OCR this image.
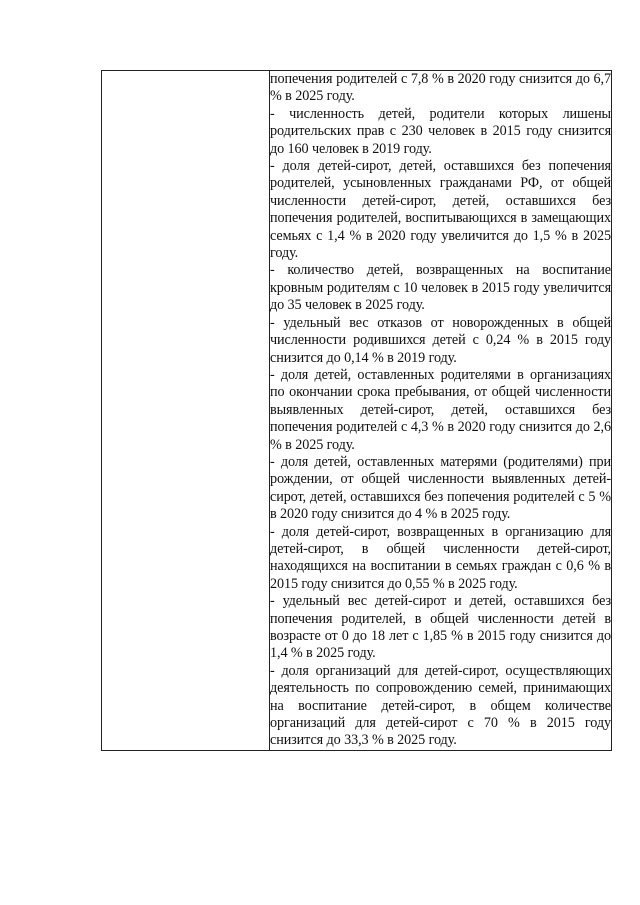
попечения родителей с 7,8 % в 2020 году снизится до 6,7 % в 2025 году.

- численность детей, родители которых лишены родительских прав с 230 человек в 2015 году снизится до 160 человек в 2019 году.

- доля детей-сирот, детей, оставшихся без попечения родителей, усыновленных гражданами РФ, от общей численности детей-сирот, детей, оставшихся без попечения родителей, воспитывающихся в замещающих семьях с 1,4 % в 2020 году увеличится до 1,5 % в 2025 году.

- количество детей, возвращенных на воспитание кровным родителям с 10 человек в 2015 году увеличится до 35 человек в 2025 году.

- удельный вес отказов от новорожденных в общей численности родившихся детей с 0,24 % в 2015 году снизится до 0,14 % в 2019 году.

- доля детей, оставленных родителями в организациях по окончании срока пребывания, от общей численности выявленных детей-сирот, детей, оставшихся без попечения родителей с 4,3 % в 2020 году снизится до 2,6 % в 2025 году.

- доля детей, оставленных матерями (родителями) при рождении, от общей численности выявленных детей-сирот, детей, оставшихся без попечения родителей с 5 % в 2020 году снизится до 4 % в 2025 году.

- доля детей-сирот, возвращенных в организацию для детей-сирот, в общей численности детей-сирот, находящихся на воспитании в семьях граждан с 0,6 % в 2015 году снизится до 0,55 % в 2025 году.

- удельный вес детей-сирот и детей, оставшихся без попечения родителей, в общей численности детей в возрасте от 0 до 18 лет с 1,85 % в 2015 году снизится до 1,4 % в 2025 году.

- доля организаций для детей-сирот, осуществляющих деятельность по сопровождению семей, принимающих на воспитание детей-сирот, в общем количестве организаций для детей-сирот с 70 % в 2015 году снизится до 33,3 % в 2025 году.
